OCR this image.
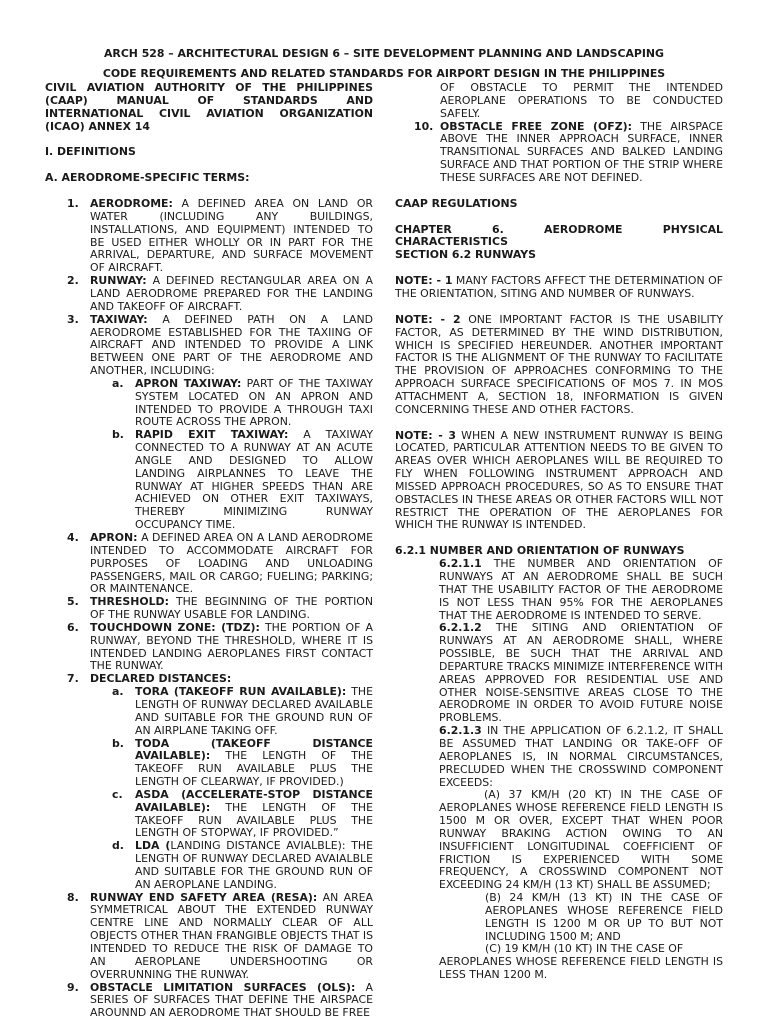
ARCH 528 – ARCHITECTURAL DESIGN 6 – SITE DEVELOPMENT PLANNING AND LANDSCAPING
CODE REQUIREMENTS AND RELATED STANDARDS FOR AIRPORT DESIGN IN THE PHILIPPINES

CIVIL AVIATION AUTHORITY OF THE PHILIPPINES (CAAP) MANUAL OF STANDARDS AND INTERNATIONAL CIVIL AVIATION ORGANIZATION (ICAO) ANNEX 14

I. DEFINITIONS

A. AERODROME-SPECIFIC TERMS:

1. AERODROME: A DEFINED AREA ON LAND OR WATER (INCLUDING ANY BUILDINGS, INSTALLATIONS, AND EQUIPMENT) INTENDED TO BE USED EITHER WHOLLY OR IN PART FOR THE ARRIVAL, DEPARTURE, AND SURFACE MOVEMENT OF AIRCRAFT.
2. RUNWAY: A DEFINED RECTANGULAR AREA ON A LAND AERODROME PREPARED FOR THE LANDING AND TAKEOFF OF AIRCRAFT.
3. TAXIWAY: A DEFINED PATH ON A LAND AERODROME ESTABLISHED FOR THE TAXIING OF AIRCRAFT AND INTENDED TO PROVIDE A LINK BETWEEN ONE PART OF THE AERODROME AND ANOTHER, INCLUDING:
a. APRON TAXIWAY: PART OF THE TAXIWAY SYSTEM LOCATED ON AN APRON AND INTENDED TO PROVIDE A THROUGH TAXI ROUTE ACROSS THE APRON.
b. RAPID EXIT TAXIWAY: A TAXIWAY CONNECTED TO A RUNWAY AT AN ACUTE ANGLE AND DESIGNED TO ALLOW LANDING AIRPLANNES TO LEAVE THE RUNWAY AT HIGHER SPEEDS THAN ARE ACHIEVED ON OTHER EXIT TAXIWAYS, THEREBY MINIMIZING RUNWAY OCCUPANCY TIME.
4. APRON: A DEFINED AREA ON A LAND AERODROME INTENDED TO ACCOMMODATE AIRCRAFT FOR PURPOSES OF LOADING AND UNLOADING PASSENGERS, MAIL OR CARGO; FUELING; PARKING; OR MAINTENANCE.
5. THRESHOLD: THE BEGINNING OF THE PORTION OF THE RUNWAY USABLE FOR LANDING.
6. TOUCHDOWN ZONE: (TDZ): THE PORTION OF A RUNWAY, BEYOND THE THRESHOLD, WHERE IT IS INTENDED LANDING AEROPLANES FIRST CONTACT THE RUNWAY.
7. DECLARED DISTANCES:
a. TORA (TAKEOFF RUN AVAILABLE): THE LENGTH OF RUNWAY DECLARED AVAILABLE AND SUITABLE FOR THE GROUND RUN OF AN AIRPLANE TAKING OFF.
b. TODA (TAKEOFF DISTANCE AVAILABLE): THE LENGTH OF THE TAKEOFF RUN AVAILABLE PLUS THE LENGTH OF CLEARWAY, IF PROVIDED.)
c. ASDA (ACCELERATE-STOP DISTANCE AVAILABLE): THE LENGTH OF THE TAKEOFF RUN AVAILABLE PLUS THE LENGTH OF STOPWAY, IF PROVIDED.”
d. LDA (LANDING DISTANCE AVIALBLE): THE LENGTH OF RUNWAY DECLARED AVAIALBLE AND SUITABLE FOR THE GROUND RUN OF AN AEROPLANE LANDING.
8. RUNWAY END SAFETY AREA (RESA): AN AREA SYMMETRICAL ABOUT THE EXTENDED RUNWAY CENTRE LINE AND NORMALLY CLEAR OF ALL OBJECTS OTHER THAN FRANGIBLE OBJECTS THAT IS INTENDED TO REDUCE THE RISK OF DAMAGE TO AN AEROPLANE UNDERSHOOTING OR OVERRUNNING THE RUNWAY.
9. OBSTACLE LIMITATION SURFACES (OLS): A SERIES OF SURFACES THAT DEFINE THE AIRSPACE AROUNND AN AERODROME THAT SHOULD BE FREE

OF OBSTACLE TO PERMIT THE INTENDED AEROPLANE OPERATIONS TO BE CONDUCTED SAFELY.

10. OBSTACLE FREE ZONE (OFZ): THE AIRSPACE ABOVE THE INNER APPROACH SURFACE, INNER TRANSITIONAL SURFACES AND BALKED LANDING SURFACE AND THAT PORTION OF THE STRIP WHERE THESE SURFACES ARE NOT DEFINED.

CAAP REGULATIONS

CHAPTER 6. AERODROME PHYSICAL CHARACTERISTICS

SECTION 6.2 RUNWAYS

NOTE: - 1 MANY FACTORS AFFECT THE DETERMINATION OF THE ORIENTATION, SITING AND NUMBER OF RUNWAYS.

NOTE: - 2 ONE IMPORTANT FACTOR IS THE USABILITY FACTOR, AS DETERMINED BY THE WIND DISTRIBUTION, WHICH IS SPECIFIED HEREUNDER. ANOTHER IMPORTANT FACTOR IS THE ALIGNMENT OF THE RUNWAY TO FACILITATE THE PROVISION OF APPROACHES CONFORMING TO THE APPROACH SURFACE SPECIFICATIONS OF MOS 7. IN MOS ATTACHMENT A, SECTION 18, INFORMATION IS GIVEN CONCERNING THESE AND OTHER FACTORS.

NOTE: - 3 WHEN A NEW INSTRUMENT RUNWAY IS BEING LOCATED, PARTICULAR ATTENTION NEEDS TO BE GIVEN TO AREAS OVER WHICH AEROPLANES WILL BE REQUIRED TO FLY WHEN FOLLOWING INSTRUMENT APPROACH AND MISSED APPROACH PROCEDURES, SO AS TO ENSURE THAT OBSTACLES IN THESE AREAS OR OTHER FACTORS WILL NOT RESTRICT THE OPERATION OF THE AEROPLANES FOR WHICH THE RUNWAY IS INTENDED.

6.2.1 NUMBER AND ORIENTATION OF RUNWAYS

6.2.1.1 THE NUMBER AND ORIENTATION OF RUNWAYS AT AN AERODROME SHALL BE SUCH THAT THE USABILITY FACTOR OF THE AERODROME IS NOT LESS THAN 95% FOR THE AEROPLANES THAT THE AERODROME IS INTENDED TO SERVE.

6.2.1.2 THE SITING AND ORIENTATION OF RUNWAYS AT AN AERODROME SHALL, WHERE POSSIBLE, BE SUCH THAT THE ARRIVAL AND DEPARTURE TRACKS MINIMIZE INTERFERENCE WITH AREAS APPROVED FOR RESIDENTIAL USE AND OTHER NOISE-SENSITIVE AREAS CLOSE TO THE AERODROME IN ORDER TO AVOID FUTURE NOISE PROBLEMS.

6.2.1.3 IN THE APPLICATION OF 6.2.1.2, IT SHALL BE ASSUMED THAT LANDING OR TAKE-OFF OF AEROPLANES IS, IN NORMAL CIRCUMSTANCES, PRECLUDED WHEN THE CROSSWIND COMPONENT EXCEEDS:

(A) 37 KM/H (20 KT) IN THE CASE OF AEROPLANES WHOSE REFERENCE FIELD LENGTH IS 1500 M OR OVER, EXCEPT THAT WHEN POOR RUNWAY BRAKING ACTION OWING TO AN INSUFFICIENT LONGITUDINAL COEFFICIENT OF FRICTION IS EXPERIENCED WITH SOME FREQUENCY, A CROSSWIND COMPONENT NOT EXCEEDING 24 KM/H (13 KT) SHALL BE ASSUMED;

(B) 24 KM/H (13 KT) IN THE CASE OF AEROPLANES WHOSE REFERENCE FIELD LENGTH IS 1200 M OR UP TO BUT NOT INCLUDING 1500 M; AND

(C) 19 KM/H (10 KT) IN THE CASE OF

AEROPLANES WHOSE REFERENCE FIELD LENGTH IS LESS THAN 1200 M.
